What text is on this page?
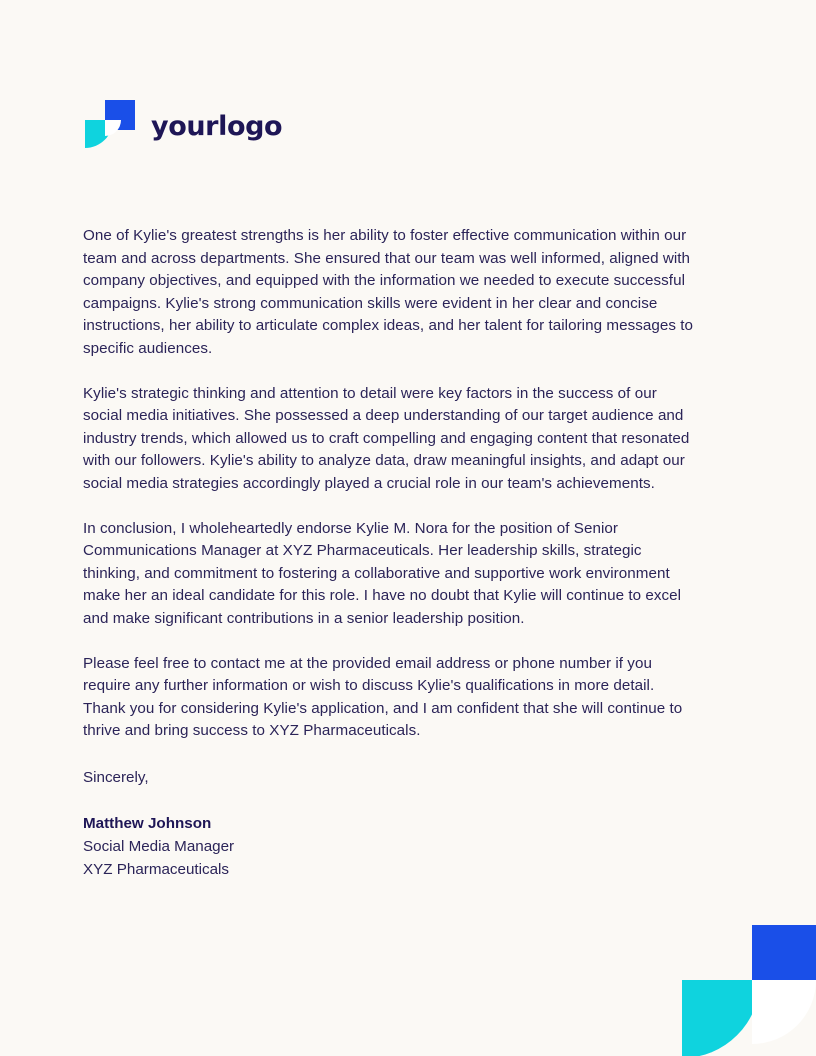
yourlogo

One of Kylie's greatest strengths is her ability to foster effective communication within our team and across departments. She ensured that our team was well informed, aligned with company objectives, and equipped with the information we needed to execute successful campaigns. Kylie's strong communication skills were evident in her clear and concise instructions, her ability to articulate complex ideas, and her talent for tailoring messages to specific audiences.

Kylie's strategic thinking and attention to detail were key factors in the success of our social media initiatives. She possessed a deep understanding of our target audience and industry trends, which allowed us to craft compelling and engaging content that resonated with our followers. Kylie's ability to analyze data, draw meaningful insights, and adapt our social media strategies accordingly played a crucial role in our team's achievements.

In conclusion, I wholeheartedly endorse Kylie M. Nora for the position of Senior Communications Manager at XYZ Pharmaceuticals. Her leadership skills, strategic thinking, and commitment to fostering a collaborative and supportive work environment make her an ideal candidate for this role. I have no doubt that Kylie will continue to excel and make significant contributions in a senior leadership position.

Please feel free to contact me at the provided email address or phone number if you require any further information or wish to discuss Kylie's qualifications in more detail. Thank you for considering Kylie's application, and I am confident that she will continue to thrive and bring success to XYZ Pharmaceuticals.

Sincerely,

Matthew Johnson

Social Media Manager

XYZ Pharmaceuticals
